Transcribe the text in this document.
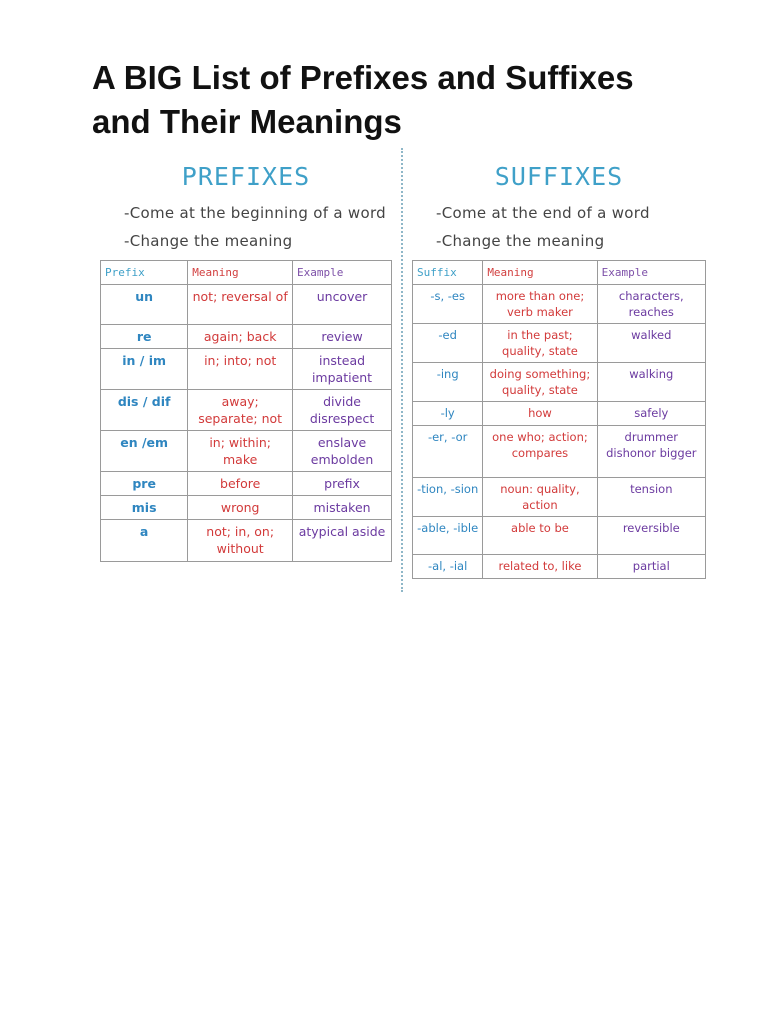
A BIG List of Prefixes and Suffixes and Their Meanings
PREFIXES
-Come at the beginning of a word
-Change the meaning
Prefix	Meaning	Example
un	not; reversal of	uncover
re	again; back	review
in / im	in; into; not	instead impatient
dis / dif	away; separate; not	divide disrespect
en /em	in; within; make	enslave embolden
pre	before	prefix
mis	wrong	mistaken
a	not; in, on; without	atypical aside
SUFFIXES
-Come at the end of a word
-Change the meaning
Suffix	Meaning	Example
-s, -es	more than one; verb maker	characters, reaches
-ed	in the past; quality, state	walked
-ing	doing something; quality, state	walking
-ly	how	safely
-er, -or	one who; action; compares	drummer dishonor bigger
-tion, -sion	noun: quality, action	tension
-able, -ible	able to be	reversible
-al, -ial	related to, like	partial
